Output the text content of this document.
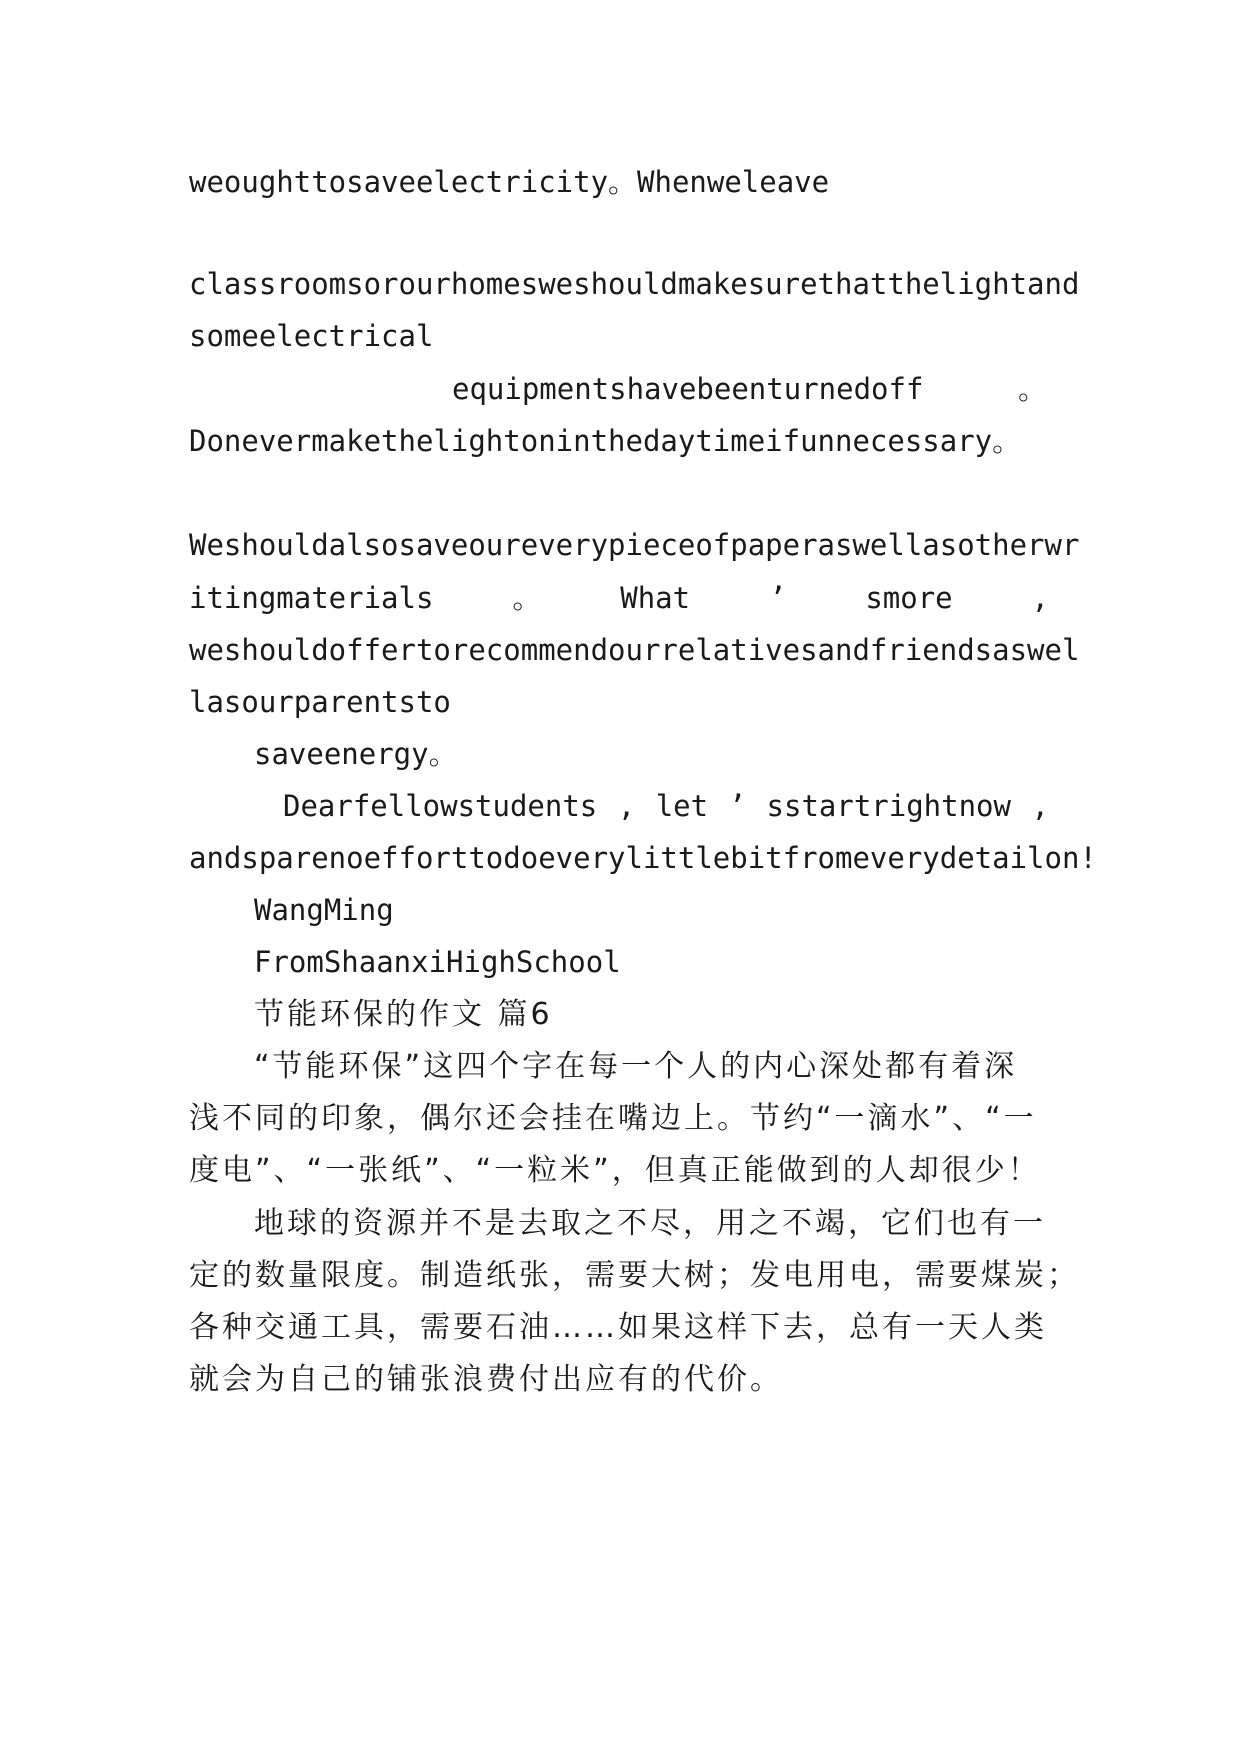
weoughttosaveelectricity。Whenweleave
classroomsorourhomesweshouldmakesurethatthelightand
someelectrical
equipmentshavebeenturnedoff	。
Donevermakethelightoninthedaytimeifunnecessary。
Weshouldalsosaveoureverypieceofpaperaswellasotherwr
itingmaterials	。	What	’	smore	,
weshouldoffertorecommendourrelativesandfriendsaswel
lasourparentsto
saveenergy。
Dearfellowstudents , let ’ sstartrightnow ,
andsparenoefforttodoeverylittlebitfromeverydetailon!
WangMing
FromShaanxiHighSchool
节能环保的作文 篇6
“节能环保”这四个字在每一个人的内心深处都有着深
浅不同的印象，偶尔还会挂在嘴边上。节约“一滴水”、“一
度电”、“一张纸”、“一粒米”，但真正能做到的人却很少！
地球的资源并不是去取之不尽，用之不竭，它们也有一
定的数量限度。制造纸张，需要大树；发电用电，需要煤炭；
各种交通工具，需要石油……如果这样下去，总有一天人类
就会为自己的铺张浪费付出应有的代价。
